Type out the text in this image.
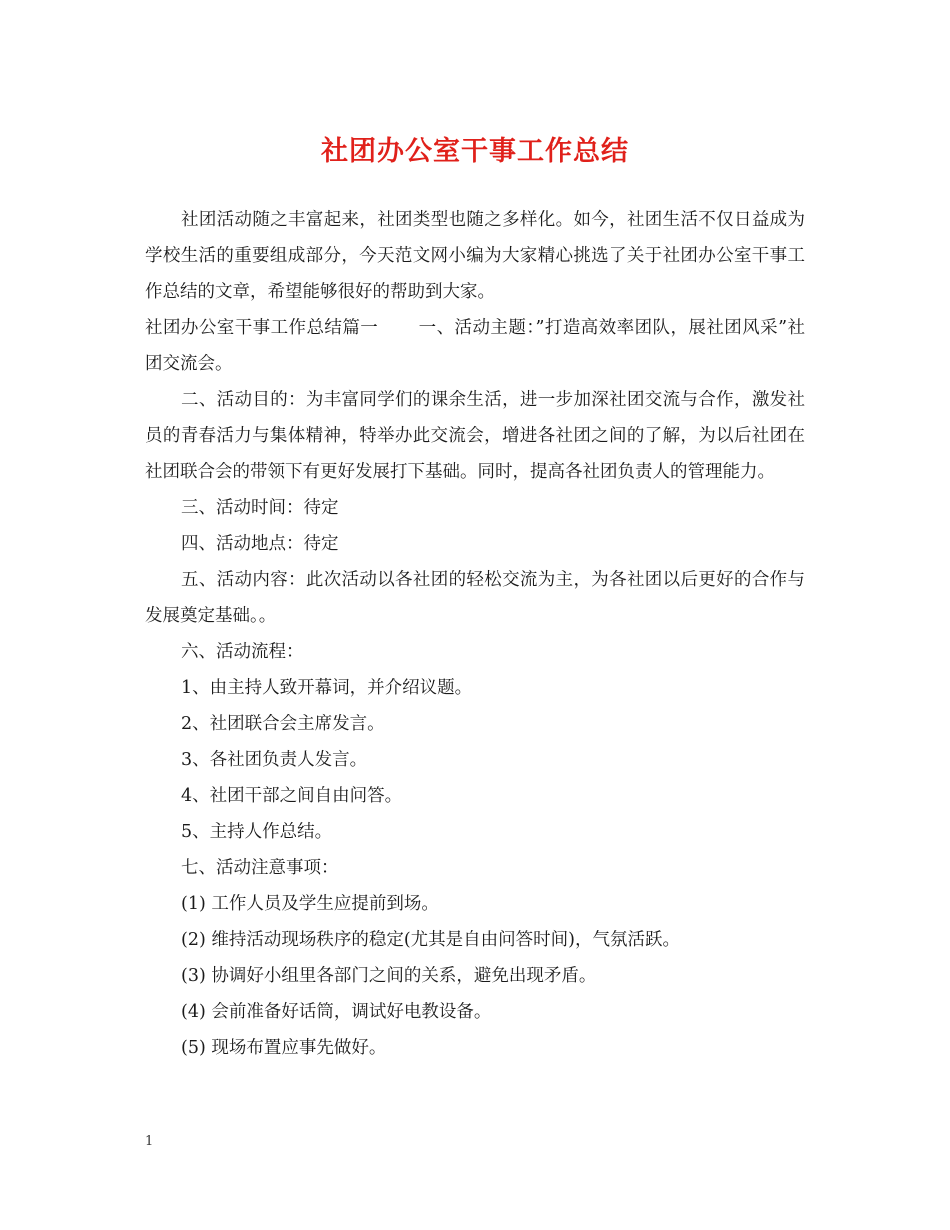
社团办公室干事工作总结

社团活动随之丰富起来，社团类型也随之多样化。如今，社团生活不仅日益成为学校生活的重要组成部分，今天范文网小编为大家精心挑选了关于社团办公室干事工作总结的文章，希望能够很好的帮助到大家。

社团办公室干事工作总结篇一 一、活动主题：”打造高效率团队，展社团风采”社团交流会。

二、活动目的：为丰富同学们的课余生活，进一步加深社团交流与合作，激发社员的青春活力与集体精神，特举办此交流会，增进各社团之间的了解，为以后社团在社团联合会的带领下有更好发展打下基础。同时，提高各社团负责人的管理能力。

三、活动时间：待定

四、活动地点：待定

五、活动内容：此次活动以各社团的轻松交流为主，为各社团以后更好的合作与发展奠定基础。。

六、活动流程：

1、由主持人致开幕词，并介绍议题。

2、社团联合会主席发言。

3、各社团负责人发言。

4、社团干部之间自由问答。

5、主持人作总结。

七、活动注意事项：

(1) 工作人员及学生应提前到场。

(2) 维持活动现场秩序的稳定(尤其是自由问答时间)，气氛活跃。

(3) 协调好小组里各部门之间的关系，避免出现矛盾。

(4) 会前准备好话筒，调试好电教设备。

(5) 现场布置应事先做好。

1
